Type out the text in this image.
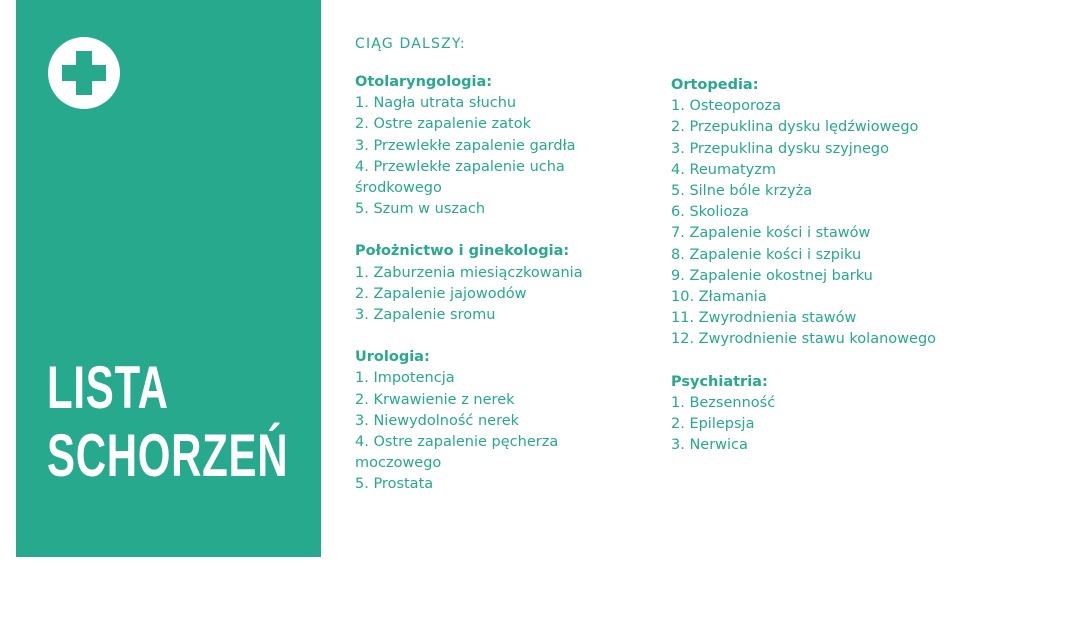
LISTA
SCHORZEŃ
CIĄG DALSZY:
Otolaryngologia:
1. Nagła utrata słuchu
2. Ostre zapalenie zatok
3. Przewlekłe zapalenie gardła
4. Przewlekłe zapalenie ucha środkowego
5. Szum w uszach
Położnictwo i ginekologia:
1. Zaburzenia miesiączkowania
2. Zapalenie jajowodów
3. Zapalenie sromu
Urologia:
1. Impotencja
2. Krwawienie z nerek
3. Niewydolność nerek
4. Ostre zapalenie pęcherza moczowego
5. Prostata
Ortopedia:
1. Osteoporoza
2. Przepuklina dysku lędźwiowego
3. Przepuklina dysku szyjnego
4. Reumatyzm
5. Silne bóle krzyża
6. Skolioza
7. Zapalenie kości i stawów
8. Zapalenie kości i szpiku
9. Zapalenie okostnej barku
10. Złamania
11. Zwyrodnienia stawów
12. Zwyrodnienie stawu kolanowego
Psychiatria:
1. Bezsenność
2. Epilepsja
3. Nerwica
